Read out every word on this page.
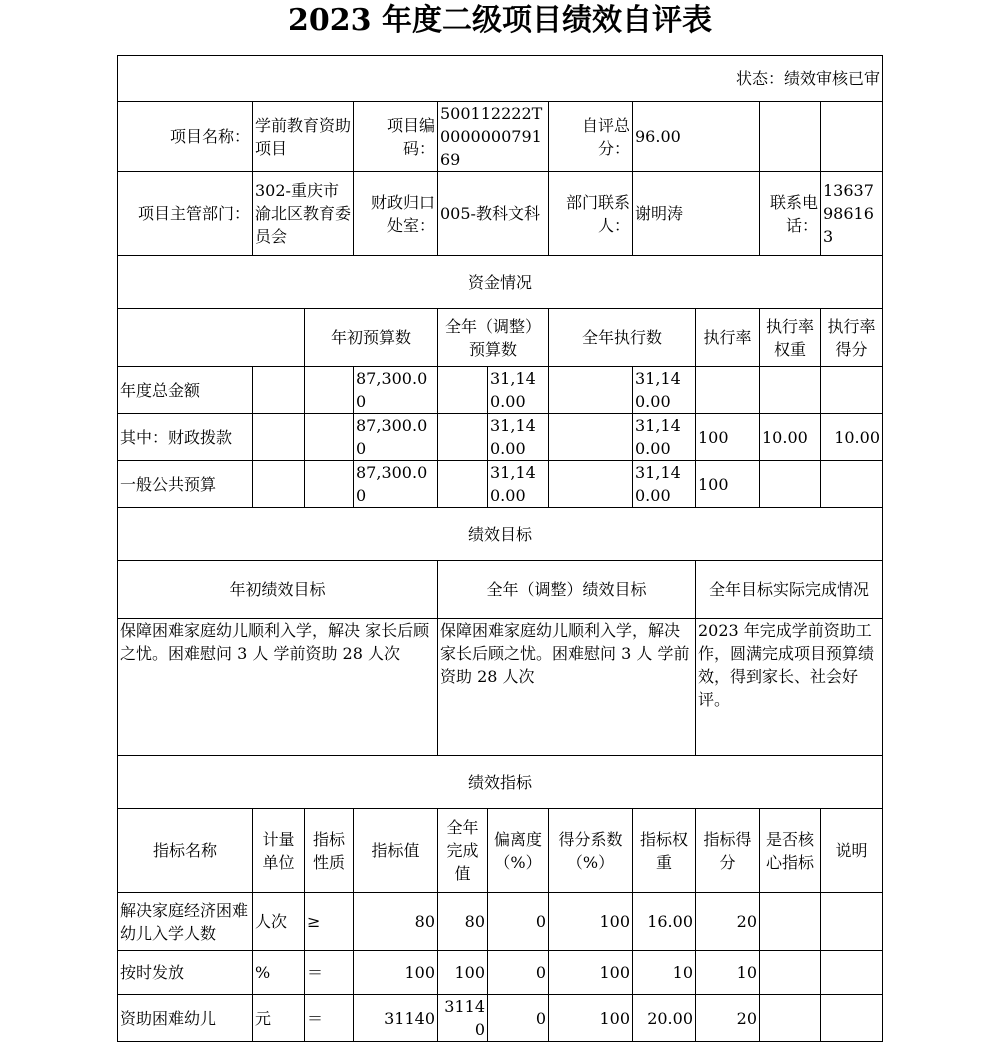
2023 年度二级项目绩效自评表
状态：绩效审核已审										
项目名称：	学前教育资助项目		项目编码：	500112222T000000079169		自评总分：	96.00			
项目主管部门：	302-重庆市渝北区教育委员会		财政归口处室：	005-教科文科		部门联系人：	谢明涛		联系电话：	13637986163
资金情况										
		年初预算数		全年（调整）预算数		全年执行数		执行率	执行率权重	执行率得分
年度总金额			87,300.00		31,140.00		31,140.00			
其中：财政拨款			87,300.00		31,140.00		31,140.00	100	10.00	10.00
一般公共预算			87,300.00		31,140.00		31,140.00	100		
绩效目标										
年初绩效目标				全年（调整）绩效目标				全年目标实际完成情况		
保障困难家庭幼儿顺利入学，解决 家长后顾之忧。困难慰问 3 人 学前资助 28 人次				保障困难家庭幼儿顺利入学，解决 家长后顾之忧。困难慰问 3 人 学前资助 28 人次				2023 年完成学前资助工作，圆满完成项目预算绩效，得到家长、社会好评。		
绩效指标										
指标名称	计量单位	指标性质	指标值	全年完成值	偏离度（%）	得分系数（%）	指标权重	指标得分	是否核心指标	说明
解决家庭经济困难幼儿入学人数	人次	≥	80	80	0	100	16.00	20		
按时发放	%	＝	100	100	0	100	10	10		
资助困难幼儿	元	＝	31140	31140	0	100	20.00	20		
